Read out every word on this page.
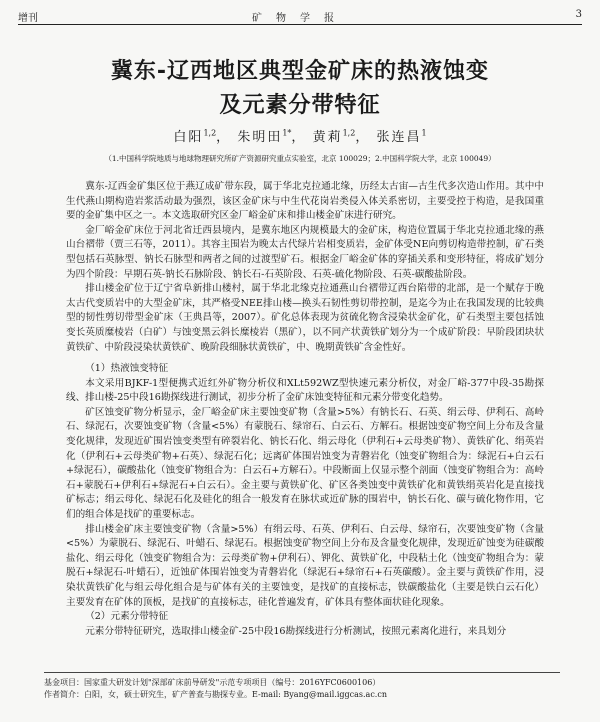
增刊	矿物学报	3
冀东-辽西地区典型金矿床的热液蚀变
及元素分带特征
白阳$^{1,2}$， 朱明田$^{1*}$， 黄莉$^{1,2}$， 张连昌$^1$
（1.中国科学院地质与地球物理研究所矿产资源研究重点实验室，北京 100029；2.中国科学院大学，北京 100049）

冀东-辽西金矿集区位于燕辽成矿带东段，属于华北克拉通北缘，历经太古宙—古生代多次造山作用。其中中生代燕山期构造岩浆活动最为强烈，该区金矿床与中生代花岗岩类侵入体关系密切，主要受控于构造，是我国重要的金矿集中区之一。本文选取研究区金厂峪金矿床和排山楼金矿床进行研究。

金厂峪金矿床位于河北省迁西县境内，是冀东地区内规模最大的金矿床，构造位置属于华北克拉通北缘的燕山台褶带（贾三石等，2011）。其容主围岩为晚太古代绿片岩相变质岩，金矿体受NE向剪切构造带控制，矿石类型包括石英脉型、钠长石脉型和两者之间的过渡型矿石。根据金厂峪金矿体的穿插关系和变形特征，将成矿划分为四个阶段：早期石英-钠长石脉阶段、钠长石-石英阶段、石英-硫化物阶段、石英-碳酸盐阶段。

排山楼金矿位于辽宁省阜新排山楼村，属于华北北缘克拉通燕山台褶带辽西台陷带的北部，是一个赋存于晚太古代变质岩中的大型金矿床，其严格受NEE排山楼—换头石韧性剪切带控制，是迄今为止在我国发现的比较典型的韧性剪切带型金矿床（王典昌等，2007）。矿化总体表现为贫硫化物含浸染状金矿化，矿石类型主要包括蚀变长英质糜棱岩（白矿）与蚀变黑云斜长糜棱岩（黑矿），以不同产状黄铁矿划分为一个成矿阶段：早阶段团块状黄铁矿、中阶段浸染状黄铁矿、晚阶段细脉状黄铁矿，中、晚期黄铁矿含金性好。

（1）热液蚀变特征

本文采用BJKF-1型便携式近红外矿物分析仪和XLt592WZ型快速元素分析仪，对金厂峪-377中段-35勘探线、排山楼-25中段16勘探线进行测试，初步分析了金矿床蚀变特征和元素分带变化趋势。

矿区蚀变矿物分析显示，金厂峪金矿床主要蚀变矿物（含量>5%）有钠长石、石英、绢云母、伊利石、高岭石、绿泥石，次要蚀变矿物（含量<5%）有蒙脱石、绿帘石、白云石、方解石。根据蚀变矿物空间上分布及含量变化规律，发现近矿围岩蚀变类型有碎裂岩化、钠长石化、绢云母化（伊利石+云母类矿物）、黄铁矿化、绢英岩化（伊利石+云母类矿物+石英）、绿泥石化；远离矿体围岩蚀变为青磐岩化（蚀变矿物组合为：绿泥石+白云石+绿泥石），碳酸盐化（蚀变矿物组合为：白云石+方解石）。中段断面上仅显示整个剖面（蚀变矿物组合为：高岭石+蒙脱石+伊利石+绿泥石+白云石）。金主要与黄铁矿化、矿区各类蚀变中黄铁矿化和黄铁绢英岩化是直接找矿标志；绢云母化、绿泥石化及硅化的组合一般发育在脉状或近矿脉的围岩中，钠长石化、碳与硫化物作用，它们的组合体是找矿的重要标志。

排山楼金矿床主要蚀变矿物（含量>5%）有绢云母、石英、伊利石、白云母、绿帘石，次要蚀变矿物（含量<5%）为蒙脱石、绿泥石、叶蜡石、绿泥石。根据蚀变矿物空间上分布及含量变化规律，发现近矿蚀变为硅碳酸盐化、绢云母化（蚀变矿物组合为：云母类矿物+伊利石）、钾化、黄铁矿化，中段粘土化（蚀变矿物组合为：蒙脱石+绿泥石-叶蜡石），近蚀矿体围岩蚀变为青磐岩化（绿泥石+绿帘石+石英碳酸）。金主要与黄铁矿作用，浸染状黄铁矿化与组云母化组合是与矿体有关的主要蚀变，是找矿的直接标志，铁碳酸盐化（主要是铁白云石化）主要发育在矿体的顶板，是找矿的直接标志，硅化普遍发育，矿体具有整体面状硅化现象。

（2）元素分带特征

元素分带特征研究，选取排山楼金矿-25中段16勘探线进行分析测试，按照元素离化进行，来具划分

基金项目：国家重大研发计划"深部矿床前导研发"示范专项项目（编号：2016YFC0600106）

作者简介：白阳，女，硕士研究生，矿产普查与勘探专业。E-mail: Byang@mail.iggcas.ac.cn
